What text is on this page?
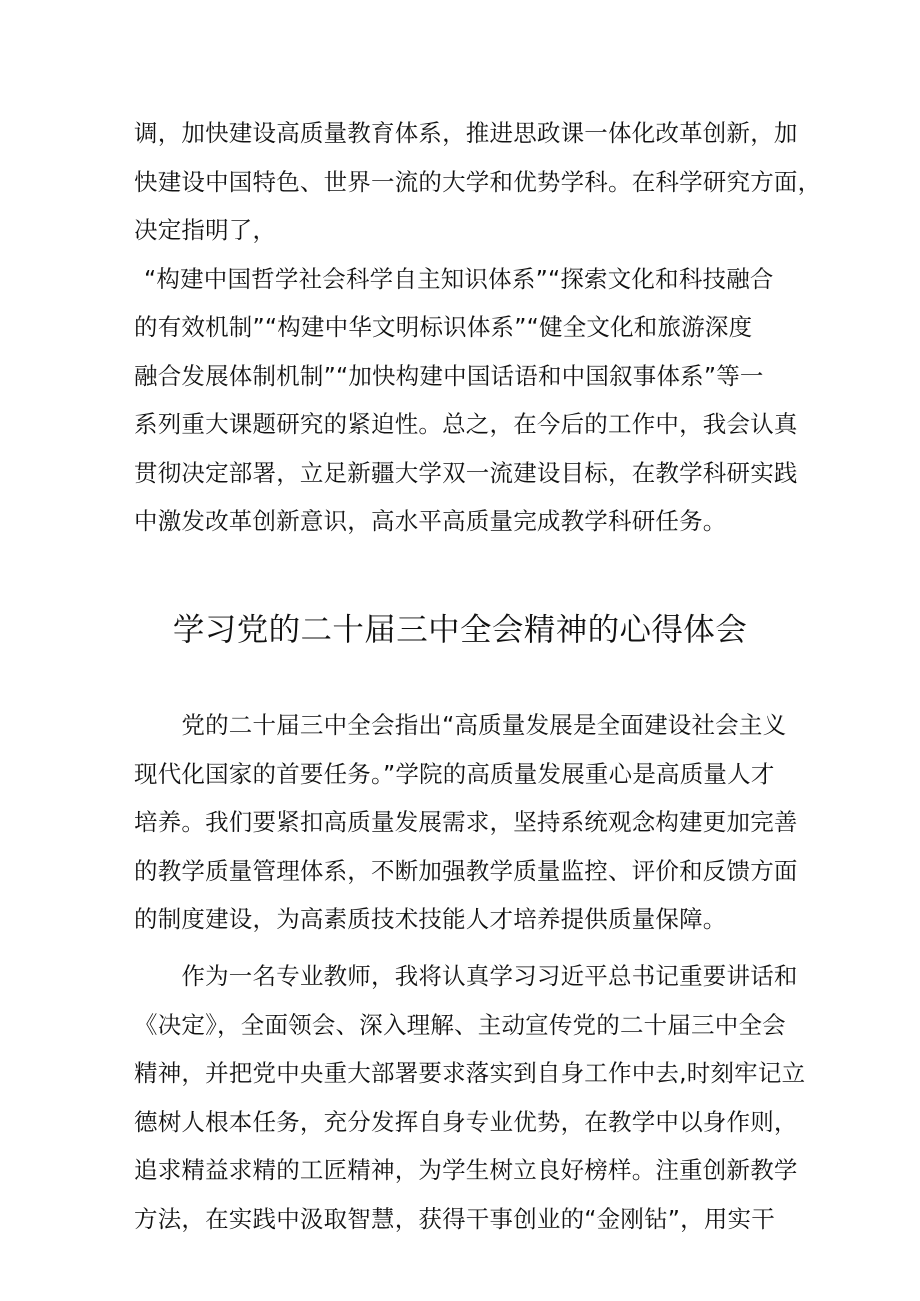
调，加快建设高质量教育体系，推进思政课一体化改革创新，加
快建设中国特色、世界一流的大学和优势学科。在科学研究方面，
决定指明了，
“构建中国哲学社会科学自主知识体系”“探索文化和科技融合
的有效机制”“构建中华文明标识体系”“健全文化和旅游深度
融合发展体制机制”“加快构建中国话语和中国叙事体系”等一
系列重大课题研究的紧迫性。总之，在今后的工作中，我会认真
贯彻决定部署，立足新疆大学双一流建设目标，在教学科研实践
中激发改革创新意识，高水平高质量完成教学科研任务。
学习党的二十届三中全会精神的心得体会
　　党的二十届三中全会指出“高质量发展是全面建设社会主义
现代化国家的首要任务。”学院的高质量发展重心是高质量人才
培养。我们要紧扣高质量发展需求，坚持系统观念构建更加完善
的教学质量管理体系，不断加强教学质量监控、评价和反馈方面
的制度建设，为高素质技术技能人才培养提供质量保障。
　　作为一名专业教师，我将认真学习习近平总书记重要讲话和
《决定》，全面领会、深入理解、主动宣传党的二十届三中全会
精神，并把党中央重大部署要求落实到自身工作中去,时刻牢记立
德树人根本任务，充分发挥自身专业优势，在教学中以身作则，
追求精益求精的工匠精神，为学生树立良好榜样。注重创新教学
方法，在实践中汲取智慧，获得干事创业的“金刚钻”，用实干
